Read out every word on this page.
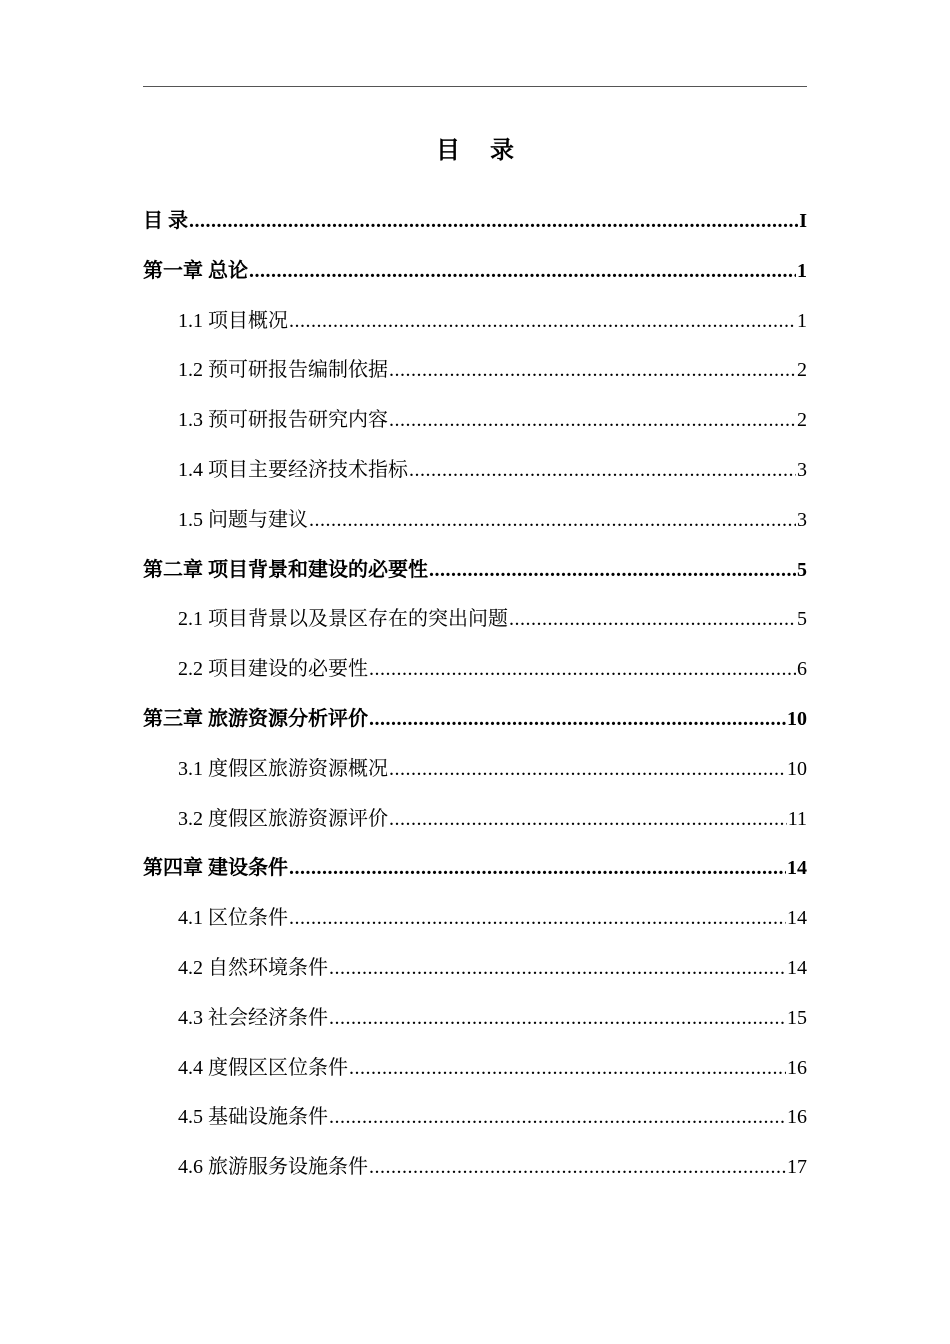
目 录
目 录 .....	I
第一章 总论 .....	1
1.1 项目概况 .....	1
1.2 预可研报告编制依据 .....	2
1.3 预可研报告研究内容 .....	2
1.4 项目主要经济技术指标 .....	3
1.5 问题与建议 .....	3
第二章 项目背景和建设的必要性 .....	5
2.1 项目背景以及景区存在的突出问题 .....	5
2.2 项目建设的必要性 .....	6
第三章 旅游资源分析评价 .....	10
3.1 度假区旅游资源概况 .....	10
3.2 度假区旅游资源评价 .....	11
第四章 建设条件 .....	14
4.1 区位条件 .....	14
4.2 自然环境条件 .....	14
4.3 社会经济条件 .....	15
4.4 度假区区位条件 .....	16
4.5 基础设施条件 .....	16
4.6 旅游服务设施条件 .....	17
